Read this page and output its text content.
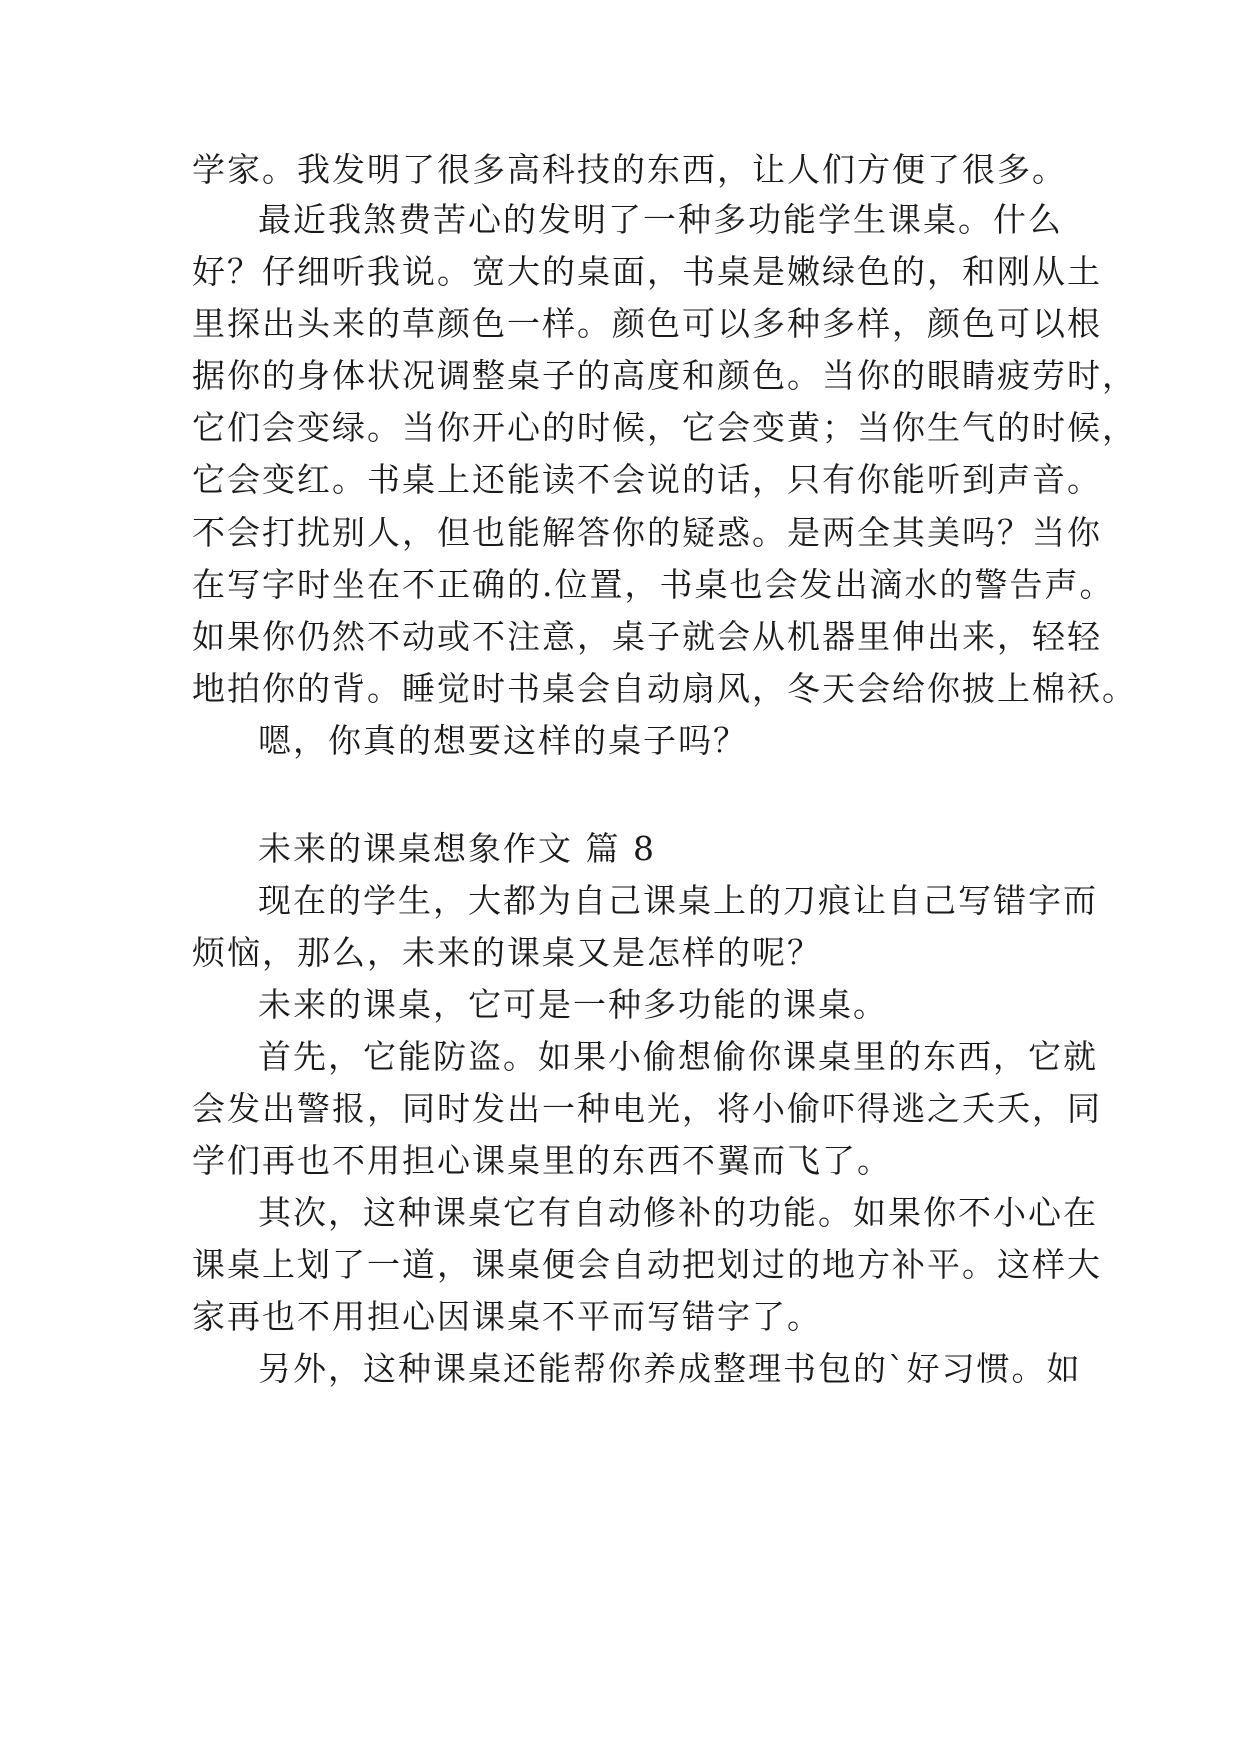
学家。我发明了很多高科技的东西，让人们方便了很多。
最近我煞费苦心的发明了一种多功能学生课桌。什么
好？仔细听我说。宽大的桌面，书桌是嫩绿色的，和刚从土
里探出头来的草颜色一样。颜色可以多种多样，颜色可以根
据你的身体状况调整桌子的高度和颜色。当你的眼睛疲劳时，
它们会变绿。当你开心的时候，它会变黄；当你生气的时候，
它会变红。书桌上还能读不会说的话，只有你能听到声音。
不会打扰别人，但也能解答你的疑惑。是两全其美吗？当你
在写字时坐在不正确的.位置，书桌也会发出滴水的警告声。
如果你仍然不动或不注意，桌子就会从机器里伸出来，轻轻
地拍你的背。睡觉时书桌会自动扇风，冬天会给你披上棉袄。
嗯，你真的想要这样的桌子吗？
未来的课桌想象作文 篇 8
现在的学生，大都为自己课桌上的刀痕让自己写错字而
烦恼，那么，未来的课桌又是怎样的呢？
未来的课桌，它可是一种多功能的课桌。
首先，它能防盗。如果小偷想偷你课桌里的东西，它就
会发出警报，同时发出一种电光，将小偷吓得逃之夭夭，同
学们再也不用担心课桌里的东西不翼而飞了。
其次，这种课桌它有自动修补的功能。如果你不小心在
课桌上划了一道，课桌便会自动把划过的地方补平。这样大
家再也不用担心因课桌不平而写错字了。
另外，这种课桌还能帮你养成整理书包的`好习惯。如
